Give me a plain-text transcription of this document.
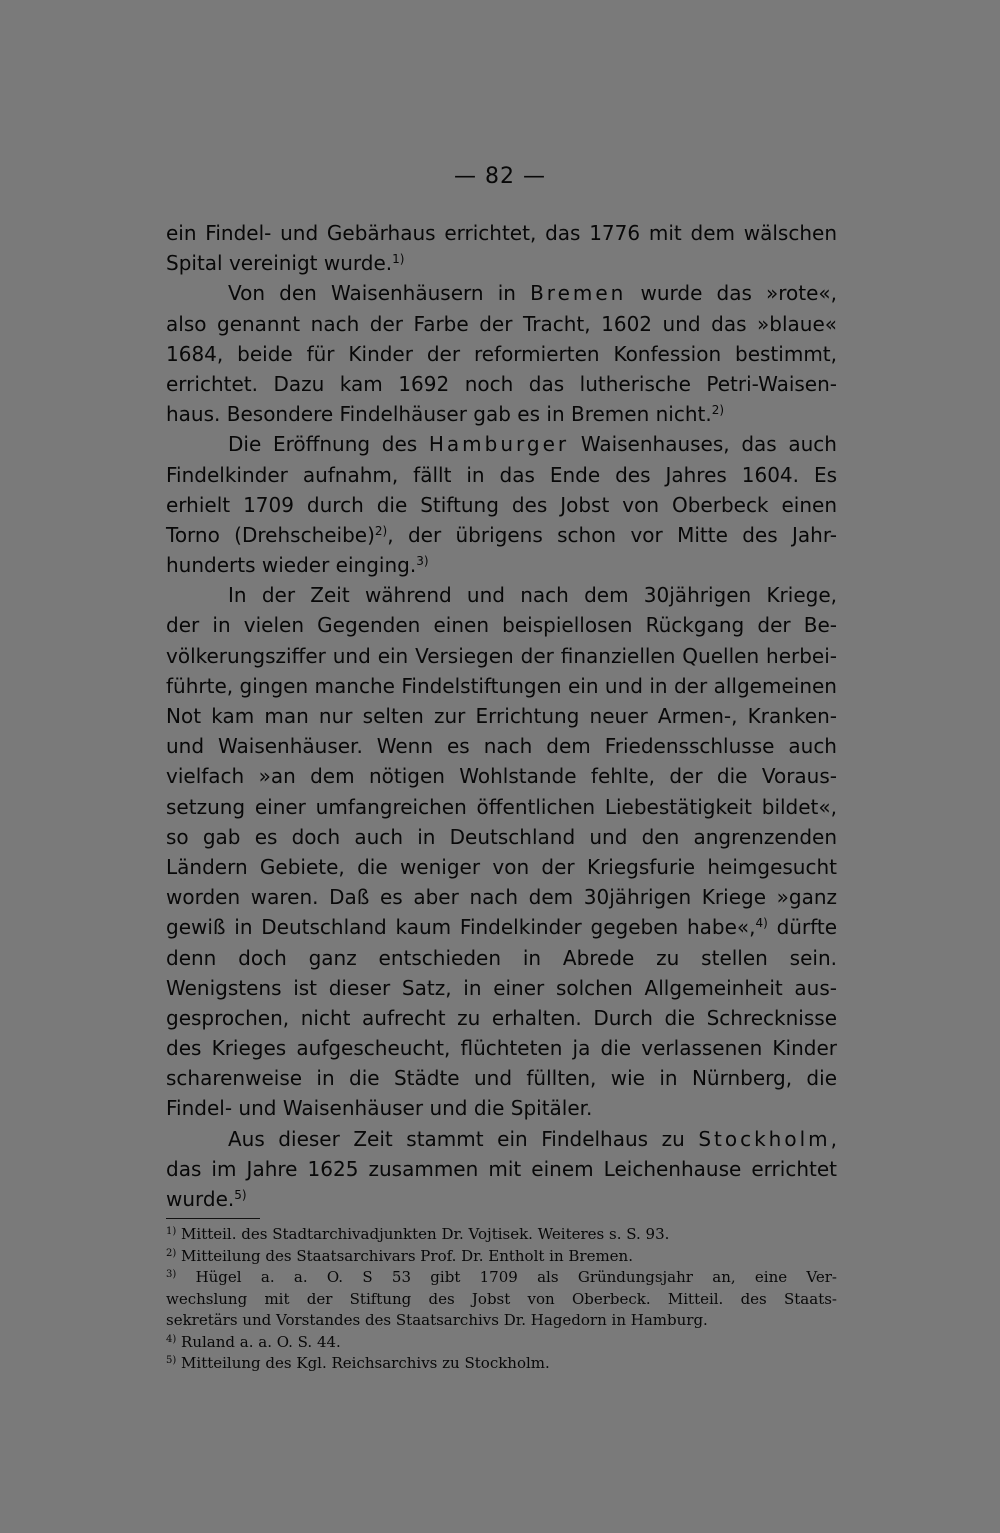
— 82 —
ein Findel- und Gebärhaus errichtet, das 1776 mit dem wälschen
Spital vereinigt wurde.$^{1)}$
Von den Waisenhäusern in Bremen wurde das »rote«,
also genannt nach der Farbe der Tracht, 1602 und das »blaue«
1684, beide für Kinder der reformierten Konfession bestimmt,
errichtet. Dazu kam 1692 noch das lutherische Petri-Waisen-
haus. Besondere Findelhäuser gab es in Bremen nicht.$^{2)}$
Die Eröffnung des Hamburger Waisenhauses, das auch
Findelkinder aufnahm, fällt in das Ende des Jahres 1604. Es
erhielt 1709 durch die Stiftung des Jobst von Oberbeck einen
Torno (Drehscheibe)$^{2)}$, der übrigens schon vor Mitte des Jahr-
hunderts wieder einging.$^{3)}$
In der Zeit während und nach dem 30jährigen Kriege,
der in vielen Gegenden einen beispiellosen Rückgang der Be-
völkerungsziffer und ein Versiegen der finanziellen Quellen herbei-
führte, gingen manche Findelstiftungen ein und in der allgemeinen
Not kam man nur selten zur Errichtung neuer Armen-, Kranken-
und Waisenhäuser. Wenn es nach dem Friedensschlusse auch
vielfach »an dem nötigen Wohlstande fehlte, der die Voraus-
setzung einer umfangreichen öffentlichen Liebestätigkeit bildet«,
so gab es doch auch in Deutschland und den angrenzenden
Ländern Gebiete, die weniger von der Kriegsfurie heimgesucht
worden waren. Daß es aber nach dem 30jährigen Kriege »ganz
gewiß in Deutschland kaum Findelkinder gegeben habe«,$^{4)}$ dürfte
denn doch ganz entschieden in Abrede zu stellen sein.
Wenigstens ist dieser Satz, in einer solchen Allgemeinheit aus-
gesprochen, nicht aufrecht zu erhalten. Durch die Schrecknisse
des Krieges aufgescheucht, flüchteten ja die verlassenen Kinder
scharenweise in die Städte und füllten, wie in Nürnberg, die
Findel- und Waisenhäuser und die Spitäler.
Aus dieser Zeit stammt ein Findelhaus zu Stockholm,
das im Jahre 1625 zusammen mit einem Leichenhause errichtet
wurde.$^{5)}$
$^{1)}$ Mitteil. des Stadtarchivadjunkten Dr. Vojtisek. Weiteres s. S. 93.
$^{2)}$ Mitteilung des Staatsarchivars Prof. Dr. Entholt in Bremen.
$^{3)}$ Hügel a. a. O. S 53 gibt 1709 als Gründungsjahr an, eine Ver-
wechslung mit der Stiftung des Jobst von Oberbeck. Mitteil. des Staats-
sekretärs und Vorstandes des Staatsarchivs Dr. Hagedorn in Hamburg.
$^{4)}$ Ruland a. a. O. S. 44.
$^{5)}$ Mitteilung des Kgl. Reichsarchivs zu Stockholm.
